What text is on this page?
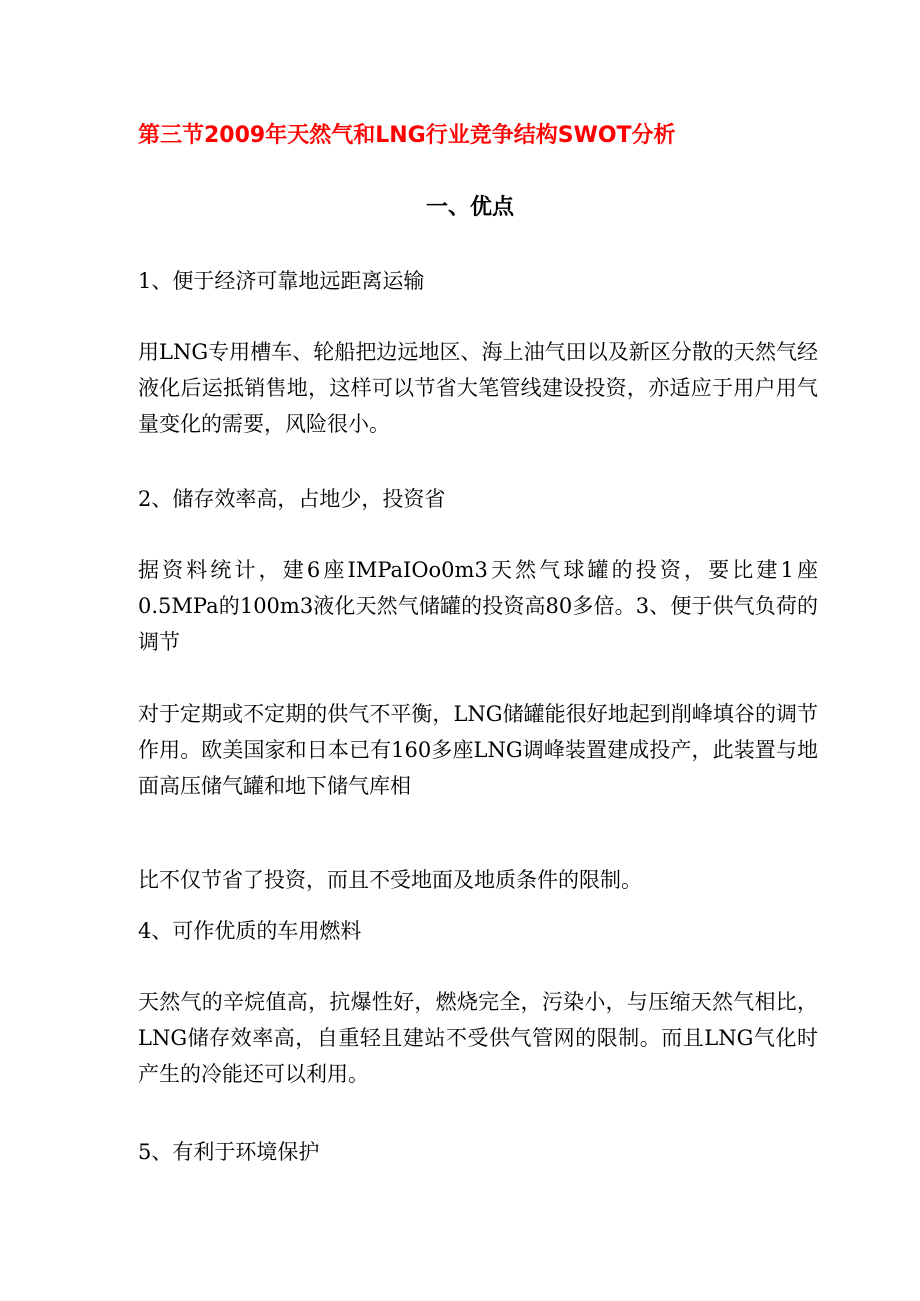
第三节2009年天然气和LNG行业竞争结构SWOT分析
一、优点

1、便于经济可靠地远距离运输

用LNG专用槽车、轮船把边远地区、海上油气田以及新区分散的天然气经液化后运抵销售地，这样可以节省大笔管线建设投资，亦适应于用户用气量变化的需要，风险很小。

2、储存效率高，占地少，投资省

据资料统计，建6座IMPaIOo0m3天然气球罐的投资，要比建1座0.5MPa的100m3液化天然气储罐的投资高80多倍。3、便于供气负荷的调节

对于定期或不定期的供气不平衡，LNG储罐能很好地起到削峰填谷的调节作用。欧美国家和日本已有160多座LNG调峰装置建成投产，此装置与地面高压储气罐和地下储气库相

比不仅节省了投资，而且不受地面及地质条件的限制。

4、可作优质的车用燃料

天然气的辛烷值高，抗爆性好，燃烧完全，污染小，与压缩天然气相比，LNG储存效率高，自重轻且建站不受供气管网的限制。而且LNG气化时产生的冷能还可以利用。

5、有利于环境保护
